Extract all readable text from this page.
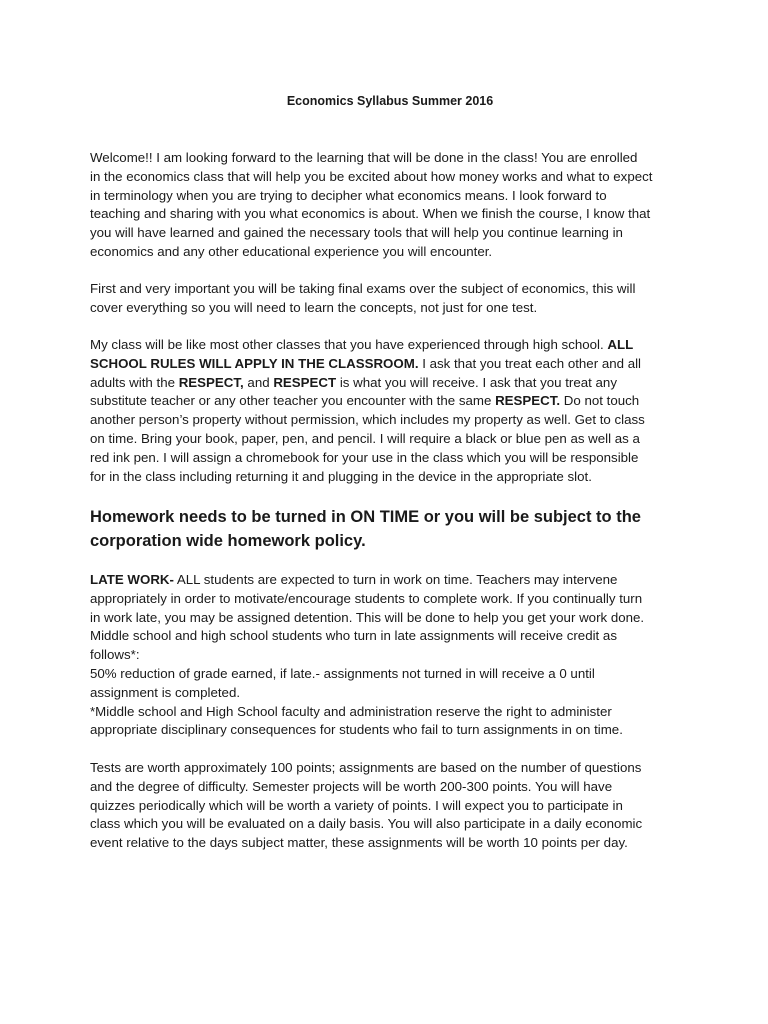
Economics Syllabus Summer 2016
Welcome!! I am looking forward to the learning that will be done in the class! You are enrolled
in the economics class that will help you be excited about how money works and what to expect
in terminology when you are trying to decipher what economics means. I look forward to
teaching and sharing with you what economics is about. When we finish the course, I know that
you will have learned and gained the necessary tools that will help you continue learning in
economics and any other educational experience you will encounter.
First and very important you will be taking final exams over the subject of economics, this will
cover everything so you will need to learn the concepts, not just for one test.
My class will be like most other classes that you have experienced through high school. ALL
SCHOOL RULES WILL APPLY IN THE CLASSROOM. I ask that you treat each other and all
adults with the RESPECT, and RESPECT is what you will receive. I ask that you treat any
substitute teacher or any other teacher you encounter with the same RESPECT. Do not touch
another person’s property without permission, which includes my property as well. Get to class
on time. Bring your book, paper, pen, and pencil. I will require a black or blue pen as well as a
red ink pen. I will assign a chromebook for your use in the class which you will be responsible
for in the class including returning it and plugging in the device in the appropriate slot.
Homework needs to be turned in ON TIME or you will be subject to the
corporation wide homework policy.
LATE WORK- ALL students are expected to turn in work on time. Teachers may intervene
appropriately in order to motivate/encourage students to complete work. If you continually turn
in work late, you may be assigned detention. This will be done to help you get your work done.
Middle school and high school students who turn in late assignments will receive credit as
follows*:
50% reduction of grade earned, if late.- assignments not turned in will receive a 0 until
assignment is completed.
*Middle school and High School faculty and administration reserve the right to administer
appropriate disciplinary consequences for students who fail to turn assignments in on time.
Tests are worth approximately 100 points; assignments are based on the number of questions
and the degree of difficulty. Semester projects will be worth 200-300 points. You will have
quizzes periodically which will be worth a variety of points. I will expect you to participate in
class which you will be evaluated on a daily basis. You will also participate in a daily economic
event relative to the days subject matter, these assignments will be worth 10 points per day.
